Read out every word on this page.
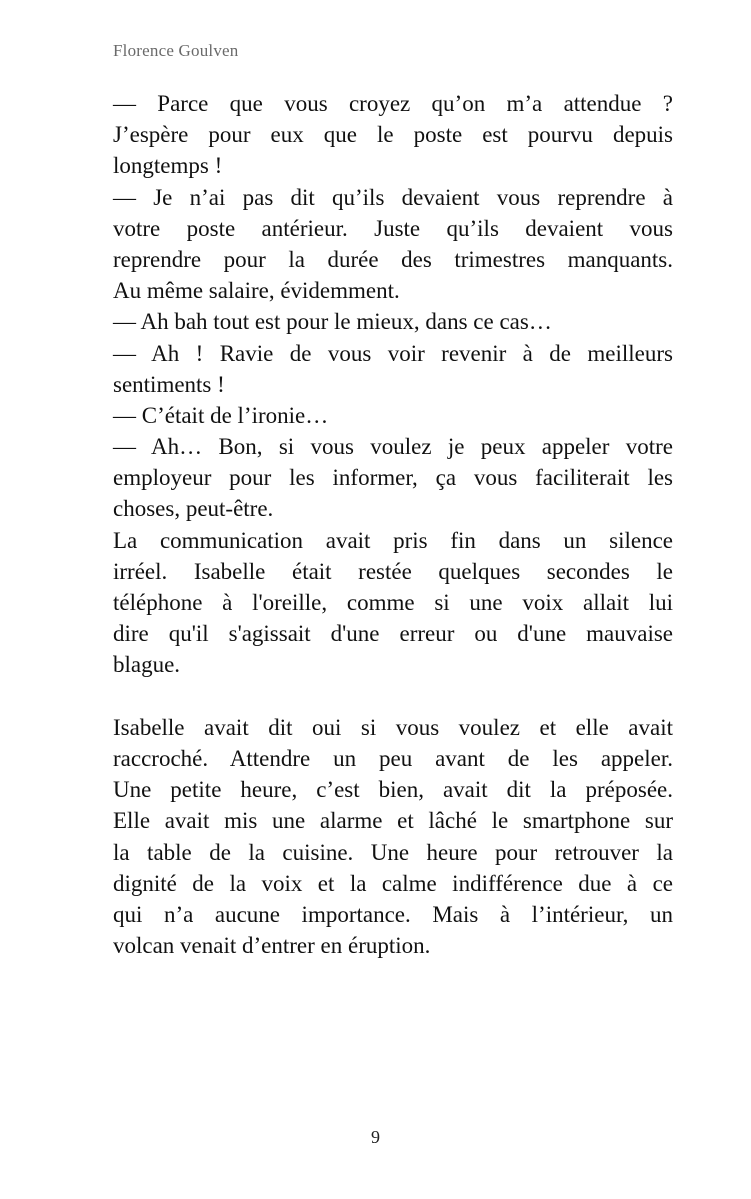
Florence Goulven
— Parce que vous croyez qu’on m’a attendue ?
J’espère pour eux que le poste est pourvu depuis
longtemps !
— Je n’ai pas dit qu’ils devaient vous reprendre à
votre poste antérieur. Juste qu’ils devaient vous
reprendre pour la durée des trimestres manquants.
Au même salaire, évidemment.
— Ah bah tout est pour le mieux, dans ce cas…
— Ah ! Ravie de vous voir revenir à de meilleurs
sentiments !
— C’était de l’ironie…
— Ah… Bon, si vous voulez je peux appeler votre
employeur pour les informer, ça vous faciliterait les
choses, peut-être.
La communication avait pris fin dans un silence
irréel. Isabelle était restée quelques secondes le
téléphone à l'oreille, comme si une voix allait lui
dire qu'il s'agissait d'une erreur ou d'une mauvaise
blague.
Isabelle avait dit oui si vous voulez et elle avait
raccroché. Attendre un peu avant de les appeler.
Une petite heure, c’est bien, avait dit la préposée.
Elle avait mis une alarme et lâché le smartphone sur
la table de la cuisine. Une heure pour retrouver la
dignité de la voix et la calme indifférence due à ce
qui n’a aucune importance. Mais à l’intérieur, un
volcan venait d’entrer en éruption.
9
